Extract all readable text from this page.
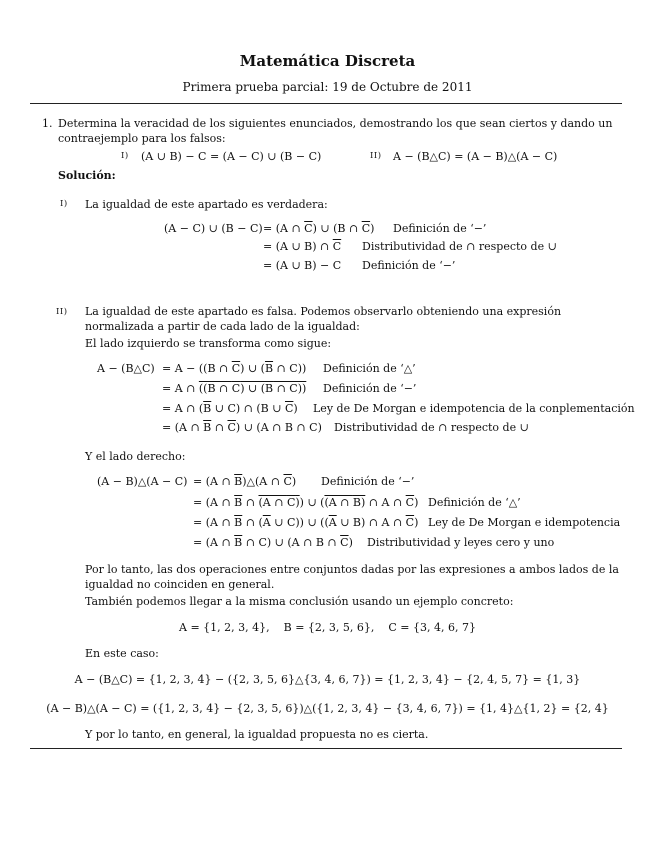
Matemática Discreta
Primera prueba parcial: 19 de Octubre de 2011
1. Determina la veracidad de los siguientes enunciados, demostrando los que sean ciertos y dando un contraejemplo para los falsos:
I) (A ∪ B) − C = (A − C) ∪ (B − C)	II) A − (B△C) = (A − B)△(A − C)
Solución:
I) La igualdad de este apartado es verdadera:
(A − C) ∪ (B − C) = (A ∩ $\overline{C}$) ∪ (B ∩ $\overline{C}$) Definición de ‘−’
= (A ∪ B) ∩ $\overline{C}$ Distributividad de ∩ respecto de ∪
= (A ∪ B) − C Definición de ‘−’
II) La igualdad de este apartado es falsa. Podemos observarlo obteniendo una expresión normalizada a partir de cada lado de la igualdad:
El lado izquierdo se transforma como sigue:
A − (B△C) = A − ((B ∩ $\overline{C}$) ∪ ($\overline{B}$ ∩ C)) Definición de ‘△’
= A ∩ ((B ∩ C) ∪ (B ∩ C)) Definición de ‘−’
= A ∩ ($\overline{B}$ ∪ C) ∩ (B ∪ $\overline{C}$) Ley de De Morgan e idempotencia de la conplementación
= (A ∩ $\overline{B}$ ∩ $\overline{C}$) ∪ (A ∩ B ∩ C) Distributividad de ∩ respecto de ∪
Y el lado derecho:
(A − B)△(A − C) = (A ∩ $\overline{B})\triangle(A$ ∩ $\overline{C}$) Definición de ‘−’
= (A ∩ $\overline{B}$ ∩ (A ∩ C)) ∪ ((A ∩ B) ∩ A ∩ $\overline{C}$) Definición de ‘△’
= (A ∩ $\overline{B}$ ∩ ($\overline{A}$ ∪ C)) ∪ (($\overline{A}$ ∪ B) ∩ A ∩ $\overline{C}$) Ley de De Morgan e idempotencia
= (A ∩ $\overline{B}$ ∩ C) ∪ (A ∩ B ∩ $\overline{C}$) Distributividad y leyes cero y uno
Por lo tanto, las dos operaciones entre conjuntos dadas por las expresiones a ambos lados de la igualdad no coinciden en general.
También podemos llegar a la misma conclusión usando un ejemplo concreto:
A = {1, 2, 3, 4},    B = {2, 3, 5, 6},    C = {3, 4, 6, 7}
En este caso:
A − (B△C) = {1, 2, 3, 4} − ({2, 3, 5, 6}△{3, 4, 6, 7}) = {1, 2, 3, 4} − {2, 4, 5, 7} = {1, 3}
(A − B)△(A − C) = ({1, 2, 3, 4} − {2, 3, 5, 6})△({1, 2, 3, 4} − {3, 4, 6, 7}) = {1, 4}△{1, 2} = {2, 4}
Y por lo tanto, en general, la igualdad propuesta no es cierta.
